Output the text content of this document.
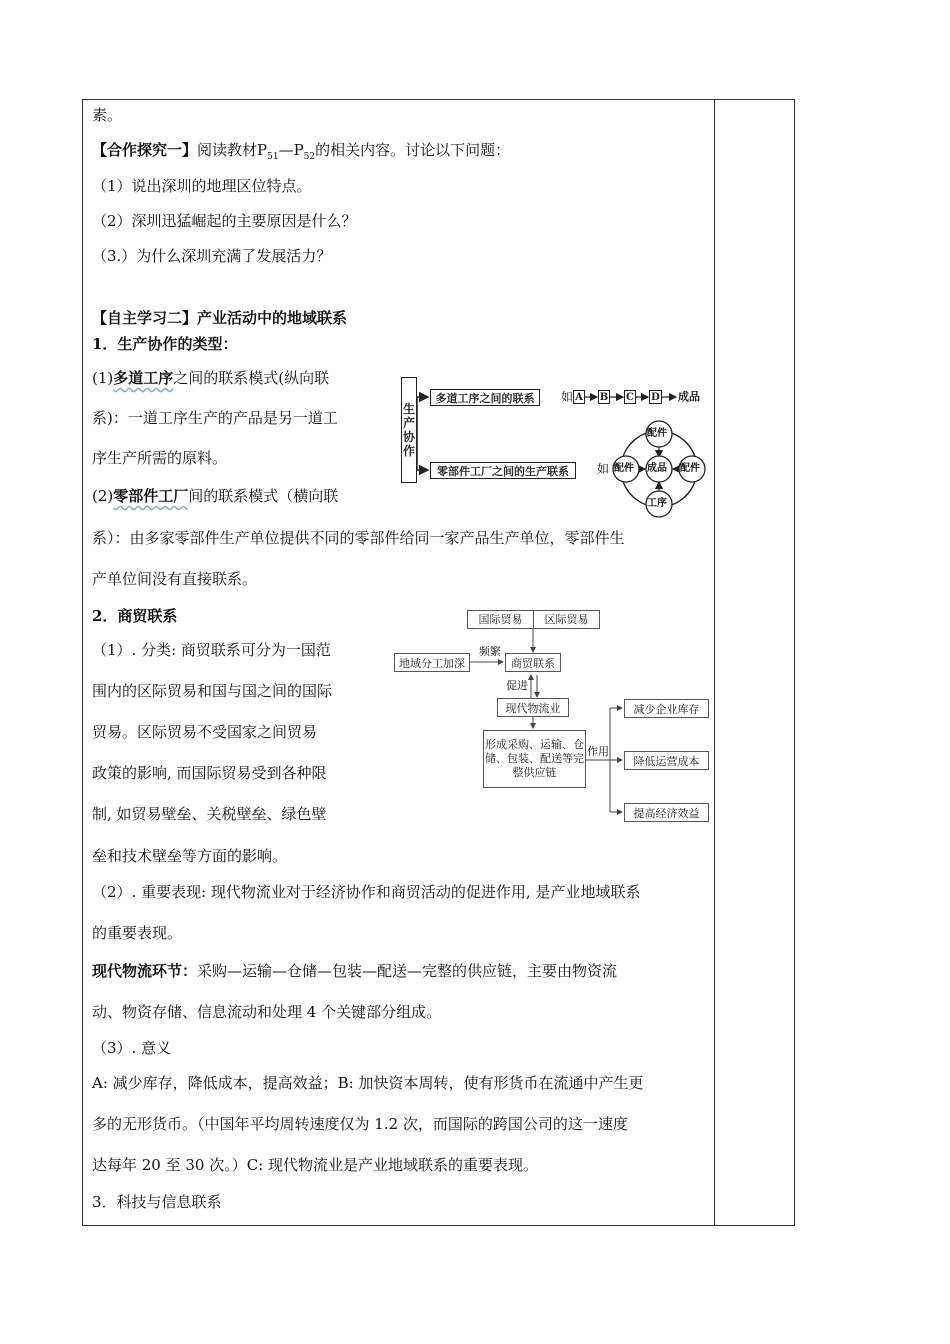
素。
【合作探究一】阅读教材$P_{51}—P_{52}$的相关内容。讨论以下问题：
（1）说出深圳的地理区位特点。
（2）深圳迅猛崛起的主要原因是什么？
（3.）为什么深圳充满了发展活力？
【自主学习二】产业活动中的地域联系
1．生产协作的类型：
(1)多道工序之间的联系模式(纵向联
系)：一道工序生产的产品是另一道工
序生产所需的原料。
(2)零部件工厂间的联系模式（横向联
系）：由多家零部件生产单位提供不同的零部件给同一家产品生产单位，零部件生
产单位间没有直接联系。
2．商贸联系
（1）. 分类: 商贸联系可分为一国范
围内的区际贸易和国与国之间的国际
贸易。区际贸易不受国家之间贸易
政策的影响, 而国际贸易受到各种限
制, 如贸易壁垒、关税壁垒、绿色壁
垒和技术壁垒等方面的影响。
（2）. 重要表现: 现代物流业对于经济协作和商贸活动的促进作用, 是产业地域联系
的重要表现。
现代物流环节：采购—运输—仓储—包装—配送—完整的供应链，主要由物资流
动、物资存储、信息流动和处理 4 个关键部分组成。
（3）. 意义
A: 减少库存，降低成本，提高效益；B: 加快资本周转，使有形货币在流通中产生更
多的无形货币。（中国年平均周转速度仅为 1.2 次，而国际的跨国公司的这一速度
达每年 20 至 30 次。）C: 现代物流业是产业地域联系的重要表现。
3．科技与信息联系
生
产
协
作
多道工序之间的联系
零部件工厂之间的生产联系
如 A B C D 成品
如
配件
配件	配件
成品
工序
国际贸易	区际贸易
地域分工加深
频繁
商贸联系
促进
现代物流业
形成采购、运输、仓
储、包装、配送等完
整供应链
作用
减少企业库存
降低运营成本
提高经济效益
